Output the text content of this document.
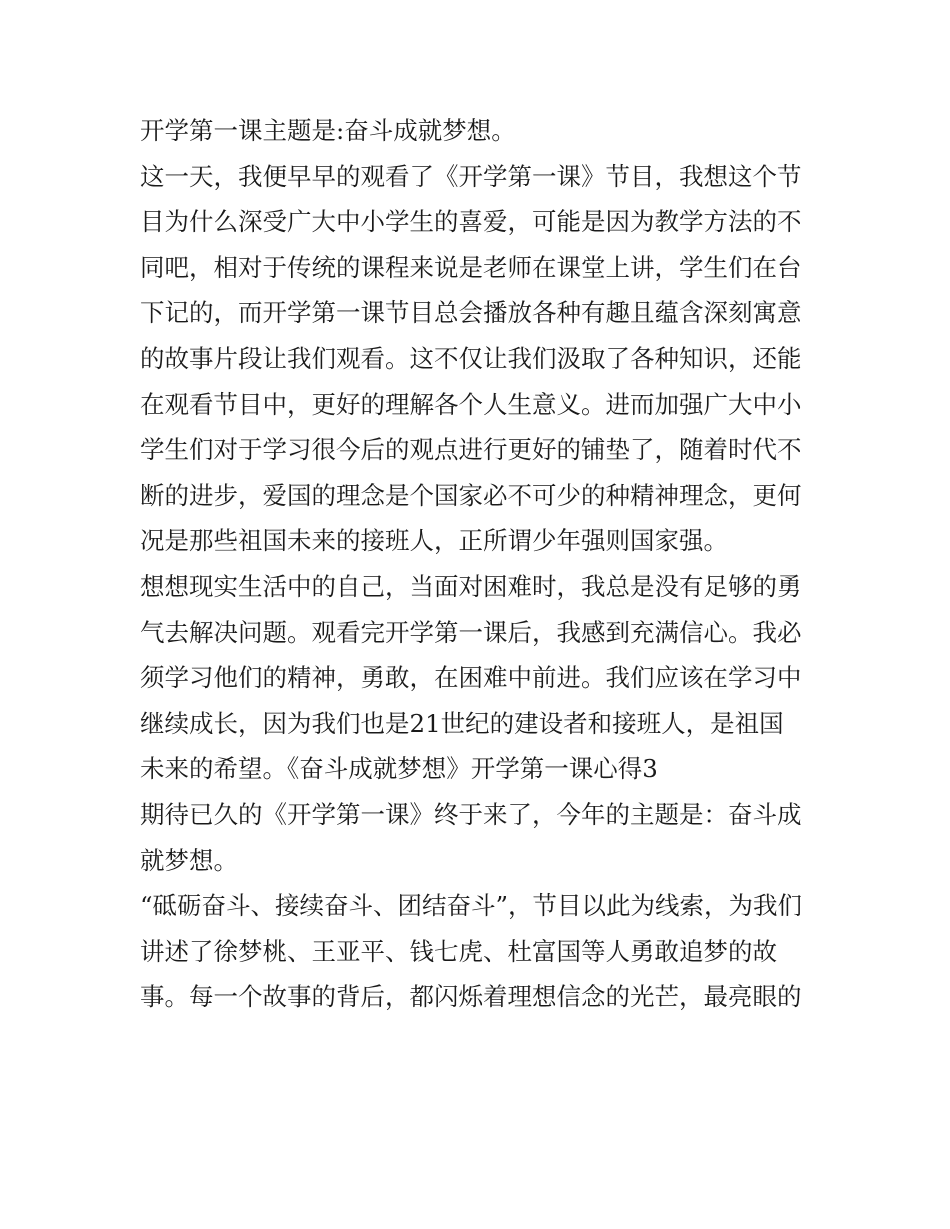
开学第一课主题是:奋斗成就梦想。
这一天，我便早早的观看了《开学第一课》节目，我想这个节
目为什么深受广大中小学生的喜爱，可能是因为教学方法的不
同吧，相对于传统的课程来说是老师在课堂上讲，学生们在台
下记的，而开学第一课节目总会播放各种有趣且蕴含深刻寓意
的故事片段让我们观看。这不仅让我们汲取了各种知识，还能
在观看节目中，更好的理解各个人生意义。进而加强广大中小
学生们对于学习很今后的观点进行更好的铺垫了，随着时代不
断的进步，爱国的理念是个国家必不可少的种精神理念，更何
况是那些祖国未来的接班人，正所谓少年强则国家强。
想想现实生活中的自己，当面对困难时，我总是没有足够的勇
气去解决问题。观看完开学第一课后，我感到充满信心。我必
须学习他们的精神，勇敢，在困难中前进。我们应该在学习中
继续成长，因为我们也是21世纪的建设者和接班人，是祖国
未来的希望。《奋斗成就梦想》开学第一课心得3
期待已久的《开学第一课》终于来了，今年的主题是：奋斗成
就梦想。
“砥砺奋斗、接续奋斗、团结奋斗”，节目以此为线索，为我们
讲述了徐梦桃、王亚平、钱七虎、杜富国等人勇敢追梦的故
事。每一个故事的背后，都闪烁着理想信念的光芒，最亮眼的
